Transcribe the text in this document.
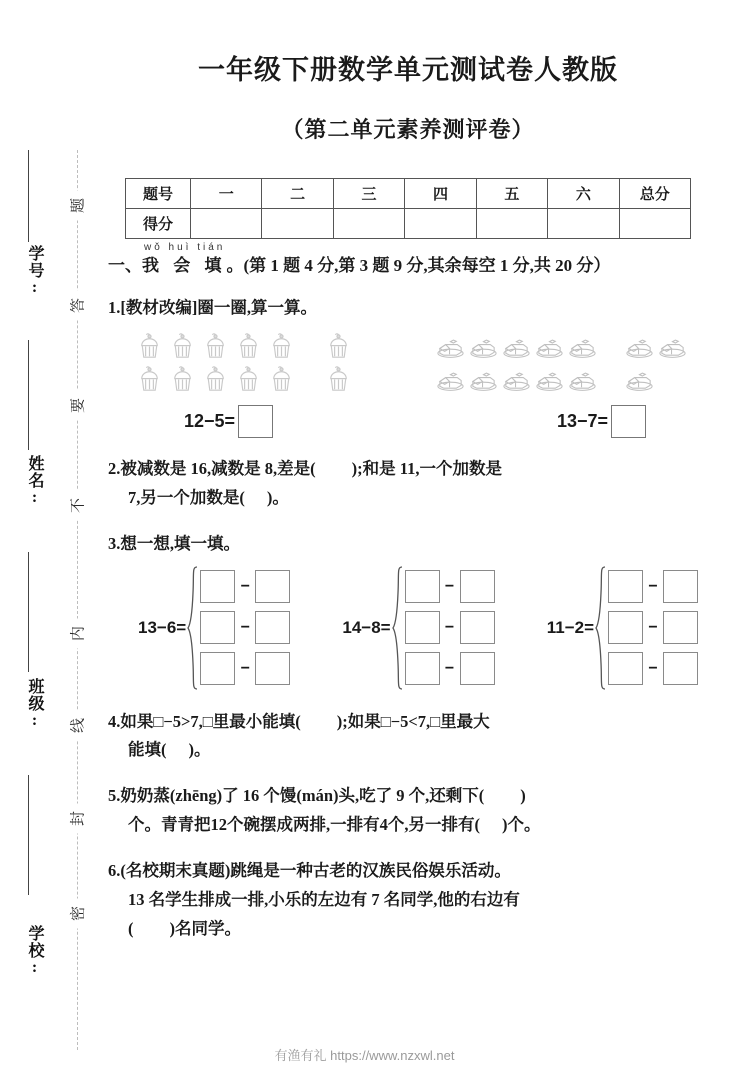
学号:
姓名:
班级:
学校:
题
答
要
不
内
线
封
密
一年级下册数学单元测试卷人教版
（第二单元素养测评卷）
题号	一	二	三	四	五	六	总分
得分							
一、
wǒ huì tián
我 会 填 。(第 1 题 4 分,第 3 题 9 分,其余每空 1 分,共 20 分）

1.[教材改编]圈一圈,算一算。

12−5=	13−7=

2.被减数是 16,减数是 8,差是( );和是 11,一个加数是

7,另一个加数是( )。

3.想一想,填一填。

13−6=
−
−
−
14−8=
−
−
−
11−2=
−
−
−

4.如果□−5>7,□里最小能填( );如果□−5<7,□里最大

能填( )。

5.奶奶蒸(zhēng)了 16 个馒(mán)头,吃了 9 个,还剩下( )

个。青青把12个碗摆成两排,一排有4个,另一排有( )个。

6.(名校期末真题)跳绳是一种古老的汉族民俗娱乐活动。

13 名学生排成一排,小乐的左边有 7 名同学,他的右边有

( )名同学。

有渔有礼 https://www.nzxwl.net
